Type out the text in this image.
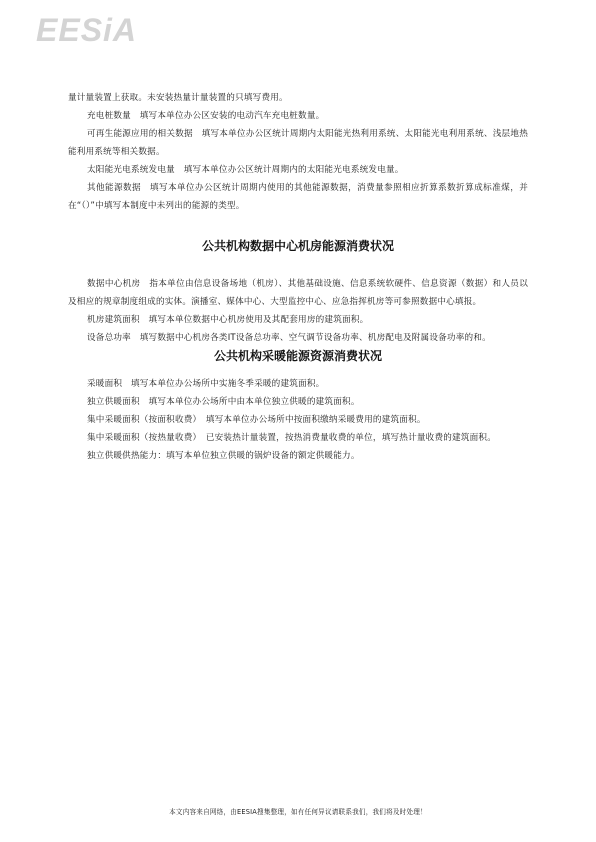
EESiA

量计量装置上获取。未安装热量计量装置的只填写费用。

充电桩数量　填写本单位办公区安装的电动汽车充电桩数量。

可再生能源应用的相关数据　填写本单位办公区统计周期内太阳能光热利用系统、太阳能光电利用系统、浅层地热能利用系统等相关数据。

太阳能光电系统发电量　填写本单位办公区统计周期内的太阳能光电系统发电量。

其他能源数据　填写本单位办公区统计周期内使用的其他能源数据，消费量参照相应折算系数折算成标准煤，并在“（）”中填写本制度中未列出的能源的类型。

公共机构数据中心机房能源消费状况

数据中心机房　指本单位由信息设备场地（机房）、其他基础设施、信息系统软硬件、信息资源（数据）和人员以及相应的规章制度组成的实体。演播室、媒体中心、大型监控中心、应急指挥机房等可参照数据中心填报。

机房建筑面积　填写本单位数据中心机房使用及其配套用房的建筑面积。

设备总功率　填写数据中心机房各类IT设备总功率、空气调节设备功率、机房配电及附属设备功率的和。

公共机构采暖能源资源消费状况

采暖面积　填写本单位办公场所中实施冬季采暖的建筑面积。

独立供暖面积　填写本单位办公场所中由本单位独立供暖的建筑面积。

集中采暖面积（按面积收费）　填写本单位办公场所中按面积缴纳采暖费用的建筑面积。

集中采暖面积（按热量收费）　已安装热计量装置，按热消费量收费的单位，填写热计量收费的建筑面积。

独立供暖供热能力：填写本单位独立供暖的锅炉设备的额定供暖能力。

本文内容来自网络，由EESIA搜集整理，如有任何异议请联系我们，我们将及时处理！
